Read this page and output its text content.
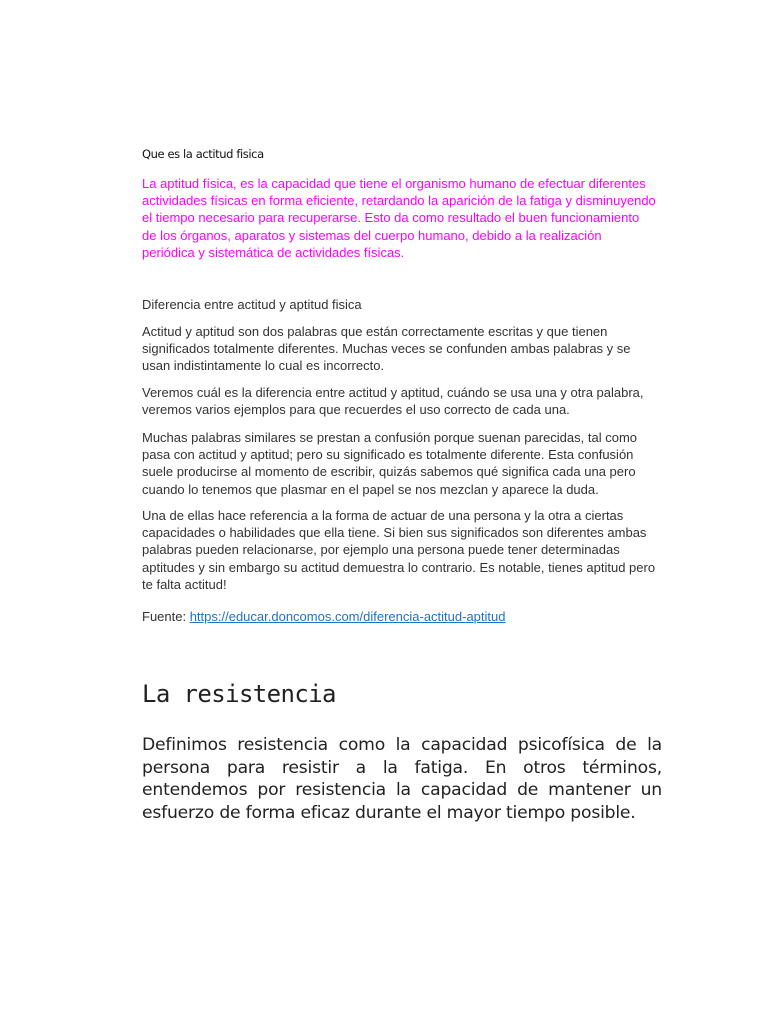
Que es la actitud fisica

La aptitud física, es la capacidad que tiene el organismo humano de efectuar diferentes actividades físicas en forma eficiente, retardando la aparición de la fatiga y disminuyendo el tiempo necesario para recuperarse. Esto da como resultado el buen funcionamiento de los órganos, aparatos y sistemas del cuerpo humano, debido a la realización periódica y sistemática de actividades físicas.

Diferencia entre actitud y aptitud fisica

Actitud y aptitud son dos palabras que están correctamente escritas y que tienen significados totalmente diferentes. Muchas veces se confunden ambas palabras y se usan indistintamente lo cual es incorrecto.

Veremos cuál es la diferencia entre actitud y aptitud, cuándo se usa una y otra palabra, veremos varios ejemplos para que recuerdes el uso correcto de cada una.

Muchas palabras similares se prestan a confusión porque suenan parecidas, tal como pasa con actitud y aptitud; pero su significado es totalmente diferente. Esta confusión suele producirse al momento de escribir, quizás sabemos qué significa cada una pero cuando lo tenemos que plasmar en el papel se nos mezclan y aparece la duda.

Una de ellas hace referencia a la forma de actuar de una persona y la otra a ciertas capacidades o habilidades que ella tiene. Si bien sus significados son diferentes ambas palabras pueden relacionarse, por ejemplo una persona puede tener determinadas aptitudes y sin embargo su actitud demuestra lo contrario. Es notable, tienes aptitud pero te falta actitud!

Fuente: https://educar.doncomos.com/diferencia-actitud-aptitud

La resistencia

Definimos resistencia como la capacidad psicofísica de la persona para resistir a la fatiga. En otros términos, entendemos por resistencia la capacidad de mantener un esfuerzo de forma eficaz durante el mayor tiempo posible.
